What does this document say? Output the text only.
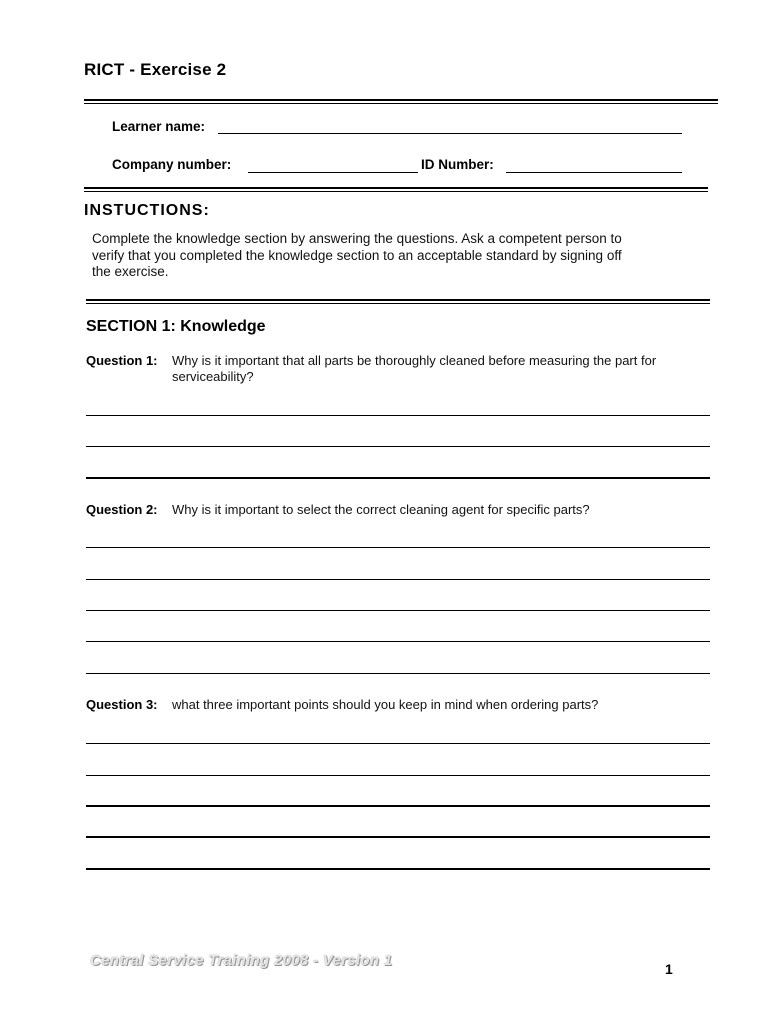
RICT - Exercise 2
Learner name:
Company number:	ID Number:
INSTUCTIONS:
Complete the knowledge section by answering the questions. Ask a competent person to verify that you completed the knowledge section to an acceptable standard by signing off the exercise.
SECTION 1: Knowledge
Question 1: Why is it important that all parts be thoroughly cleaned before measuring the part for serviceability?
Question 2: Why is it important to select the correct cleaning agent for specific parts?
Question 3: what three important points should you keep in mind when ordering parts?
Central Service Training 2008 - Version 1	1
